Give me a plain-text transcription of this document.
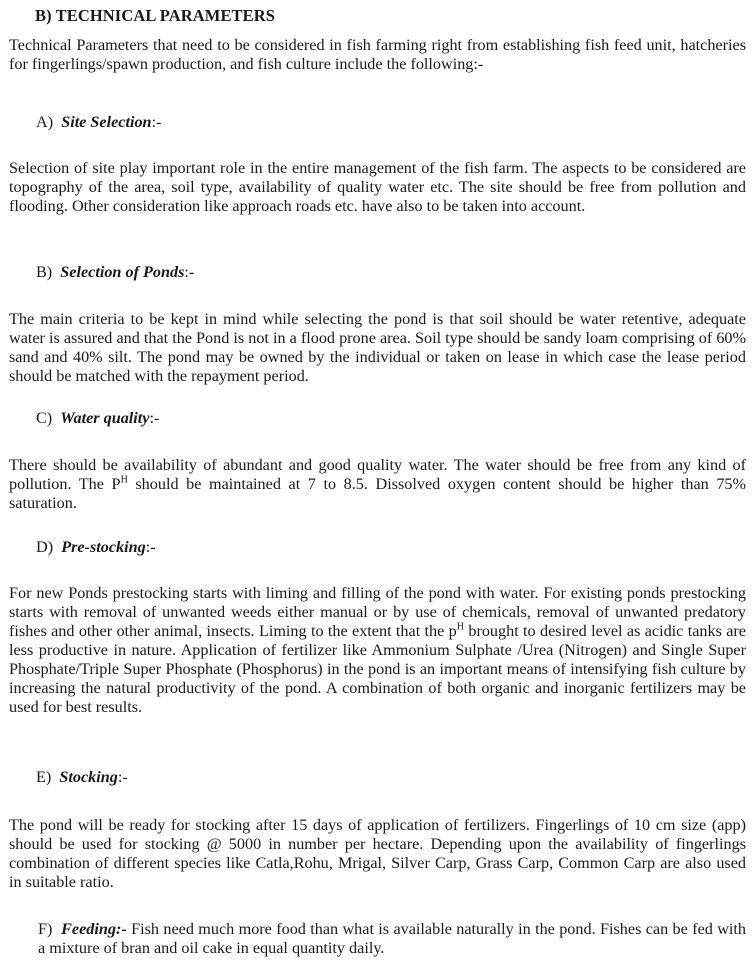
B) TECHNICAL PARAMETERS

Technical Parameters that need to be considered in fish farming right from establishing fish feed unit, hatcheries for fingerlings/spawn production, and fish culture include the following:-

A) Site Selection:-

Selection of site play important role in the entire management of the fish farm. The aspects to be considered are topography of the area, soil type, availability of quality water etc. The site should be free from pollution and flooding. Other consideration like approach roads etc. have also to be taken into account.

B) Selection of Ponds:-

The main criteria to be kept in mind while selecting the pond is that soil should be water retentive, adequate water is assured and that the Pond is not in a flood prone area. Soil type should be sandy loam comprising of 60% sand and 40% silt. The pond may be owned by the individual or taken on lease in which case the lease period should be matched with the repayment period.

C) Water quality:-

There should be availability of abundant and good quality water. The water should be free from any kind of pollution. The $P^H$ should be maintained at 7 to 8.5. Dissolved oxygen content should be higher than 75% saturation.

D) Pre-stocking:-

For new Ponds prestocking starts with liming and filling of the pond with water. For existing ponds prestocking starts with removal of unwanted weeds either manual or by use of chemicals, removal of unwanted predatory fishes and other other animal, insects. Liming to the extent that the $p^H$ brought to desired level as acidic tanks are less productive in nature. Application of fertilizer like Ammonium Sulphate /Urea (Nitrogen) and Single Super Phosphate/Triple Super Phosphate (Phosphorus) in the pond is an important means of intensifying fish culture by increasing the natural productivity of the pond. A combination of both organic and inorganic fertilizers may be used for best results.

E) Stocking:-

The pond will be ready for stocking after 15 days of application of fertilizers. Fingerlings of 10 cm size (app) should be used for stocking @ 5000 in number per hectare. Depending upon the availability of fingerlings combination of different species like Catla,Rohu, Mrigal, Silver Carp, Grass Carp, Common Carp are also used in suitable ratio.

F) Feeding:- Fish need much more food than what is available naturally in the pond. Fishes can be fed with a mixture of bran and oil cake in equal quantity daily.
